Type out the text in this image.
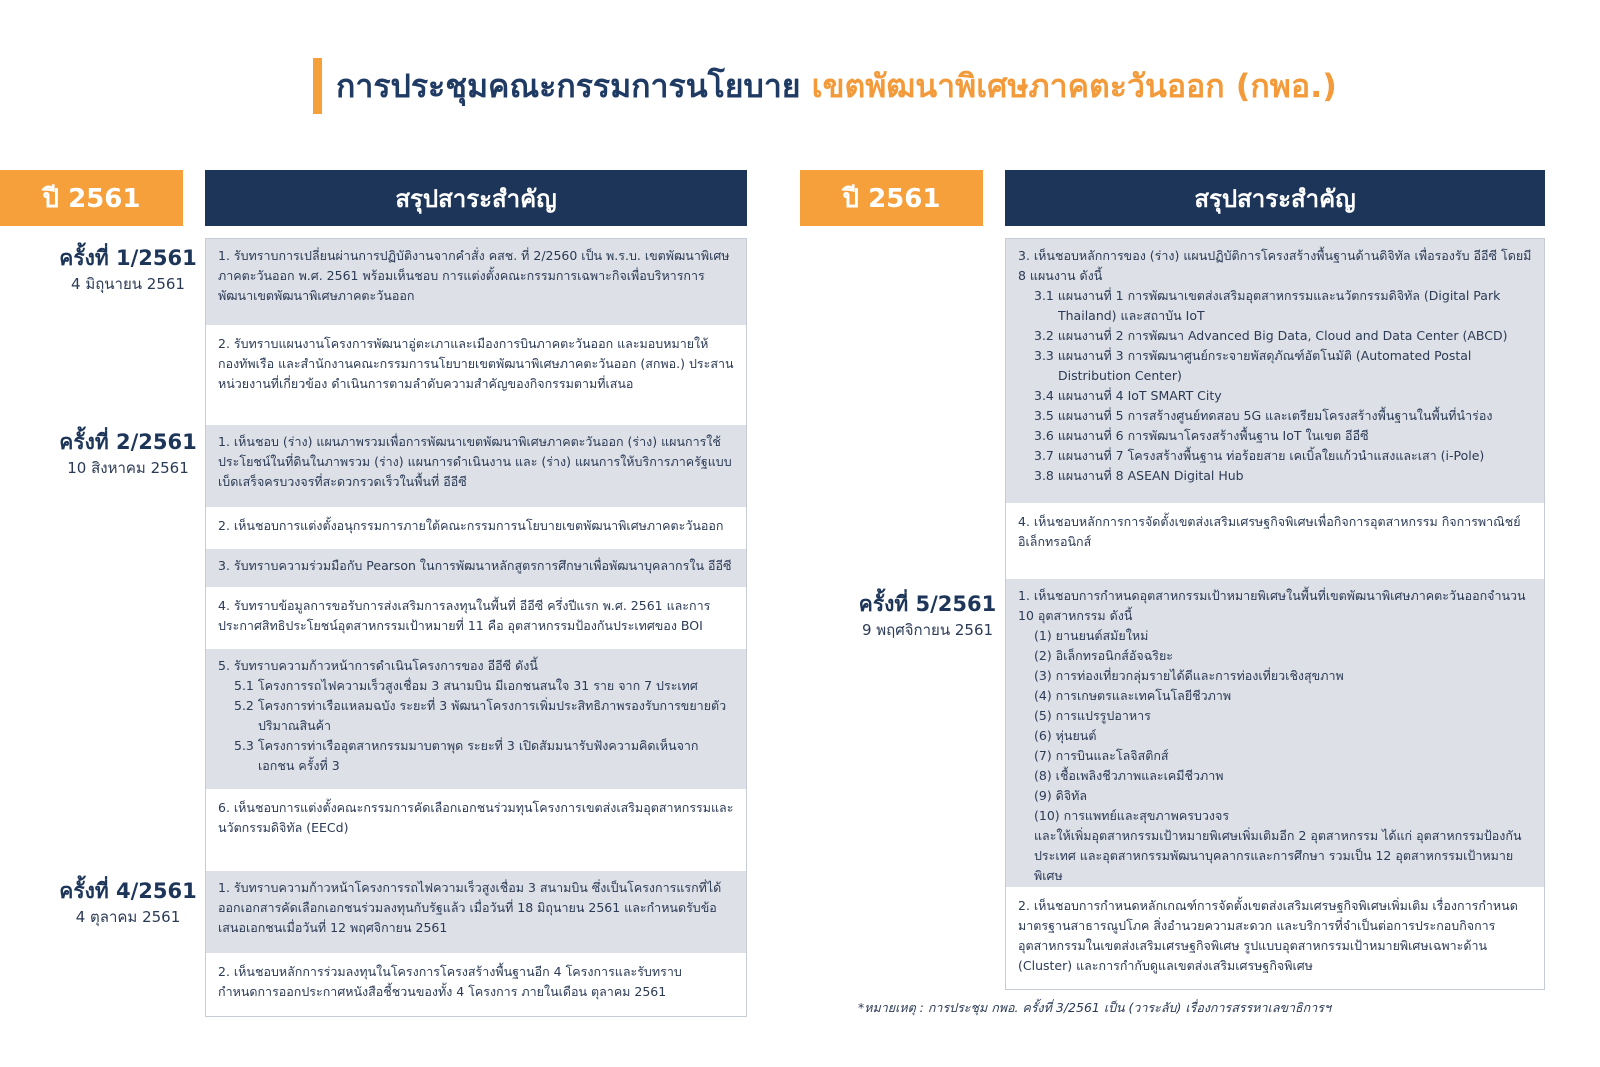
การประชุมคณะกรรมการนโยบาย เขตพัฒนาพิเศษภาคตะวันออก (กพอ.)
ปี 2561	สรุปสาระสำคัญ
ครั้งที่ 1/2561
4 มิถุนายน 2561
ครั้งที่ 2/2561
10 สิงหาคม 2561
ครั้งที่ 4/2561
4 ตุลาคม 2561

1. รับทราบการเปลี่ยนผ่านการปฏิบัติงานจากคำสั่ง คสช. ที่ 2/2560 เป็น พ.ร.บ. เขตพัฒนาพิเศษภาคตะวันออก พ.ศ. 2561 พร้อมเห็นชอบ การแต่งตั้งคณะกรรมการเฉพาะกิจเพื่อบริหารการพัฒนาเขตพัฒนาพิเศษภาคตะวันออก

2. รับทราบแผนงานโครงการพัฒนาอู่ตะเภาและเมืองการบินภาคตะวันออก และมอบหมายให้กองทัพเรือ และสำนักงานคณะกรรมการนโยบายเขตพัฒนาพิเศษภาคตะวันออก (สกพอ.) ประสานหน่วยงานที่เกี่ยวข้อง ดำเนินการตามลำดับความสำคัญของกิจกรรมตามที่เสนอ

1. เห็นชอบ (ร่าง) แผนภาพรวมเพื่อการพัฒนาเขตพัฒนาพิเศษภาคตะวันออก (ร่าง) แผนการใช้ประโยชน์ในที่ดินในภาพรวม (ร่าง) แผนการดำเนินงาน และ (ร่าง) แผนการให้บริการภาครัฐแบบเบ็ดเสร็จครบวงจรที่สะดวกรวดเร็วในพื้นที่ อีอีซี

2. เห็นชอบการแต่งตั้งอนุกรรมการภายใต้คณะกรรมการนโยบายเขตพัฒนาพิเศษภาคตะวันออก

3. รับทราบความร่วมมือกับ Pearson ในการพัฒนาหลักสูตรการศึกษาเพื่อพัฒนาบุคลากรใน อีอีซี

4. รับทราบข้อมูลการขอรับการส่งเสริมการลงทุนในพื้นที่ อีอีซี ครึ่งปีแรก พ.ศ. 2561 และการประกาศสิทธิประโยชน์อุตสาหกรรมเป้าหมายที่ 11 คือ อุตสาหกรรมป้องกันประเทศของ BOI

5. รับทราบความก้าวหน้าการดำเนินโครงการของ อีอีซี ดังนี้

5.1 โครงการรถไฟความเร็วสูงเชื่อม 3 สนามบิน มีเอกชนสนใจ 31 ราย จาก 7 ประเทศ

5.2 โครงการท่าเรือแหลมฉบัง ระยะที่ 3 พัฒนาโครงการเพิ่มประสิทธิภาพรองรับการขยายตัวปริมาณสินค้า

5.3 โครงการท่าเรืออุตสาหกรรมมาบตาพุด ระยะที่ 3 เปิดสัมมนารับฟังความคิดเห็นจากเอกชน ครั้งที่ 3

6. เห็นชอบการแต่งตั้งคณะกรรมการคัดเลือกเอกชนร่วมทุนโครงการเขตส่งเสริมอุตสาหกรรมและนวัตกรรมดิจิทัล (EECd)

1. รับทราบความก้าวหน้าโครงการรถไฟความเร็วสูงเชื่อม 3 สนามบิน ซึ่งเป็นโครงการแรกที่ได้ออกเอกสารคัดเลือกเอกชนร่วมลงทุนกับรัฐแล้ว เมื่อวันที่ 18 มิถุนายน 2561 และกำหนดรับข้อเสนอเอกชนเมื่อวันที่ 12 พฤศจิกายน 2561

2. เห็นชอบหลักการร่วมลงทุนในโครงการโครงสร้างพื้นฐานอีก 4 โครงการและรับทราบกำหนดการออกประกาศหนังสือชี้ชวนของทั้ง 4 โครงการ ภายในเดือน ตุลาคม 2561

ปี 2561	สรุปสาระสำคัญ
ครั้งที่ 5/2561
9 พฤศจิกายน 2561

3. เห็นชอบหลักการของ (ร่าง) แผนปฏิบัติการโครงสร้างพื้นฐานด้านดิจิทัล เพื่อรองรับ อีอีซี โดยมี 8 แผนงาน ดังนี้

3.1 แผนงานที่ 1 การพัฒนาเขตส่งเสริมอุตสาหกรรมและนวัตกรรมดิจิทัล (Digital Park Thailand) และสถาบัน IoT

3.2 แผนงานที่ 2 การพัฒนา Advanced Big Data, Cloud and Data Center (ABCD)

3.3 แผนงานที่ 3 การพัฒนาศูนย์กระจายพัสดุภัณฑ์อัตโนมัติ (Automated Postal Distribution Center)

3.4 แผนงานที่ 4 IoT SMART City

3.5 แผนงานที่ 5 การสร้างศูนย์ทดสอบ 5G และเตรียมโครงสร้างพื้นฐานในพื้นที่นำร่อง

3.6 แผนงานที่ 6 การพัฒนาโครงสร้างพื้นฐาน IoT ในเขต อีอีซี

3.7 แผนงานที่ 7 โครงสร้างพื้นฐาน ท่อร้อยสาย เคเบิ้ลใยแก้วนำแสงและเสา (i-Pole)

3.8 แผนงานที่ 8 ASEAN Digital Hub

4. เห็นชอบหลักการการจัดตั้งเขตส่งเสริมเศรษฐกิจพิเศษเพื่อกิจการอุตสาหกรรม กิจการพาณิชย์อิเล็กทรอนิกส์

1. เห็นชอบการกำหนดอุตสาหกรรมเป้าหมายพิเศษในพื้นที่เขตพัฒนาพิเศษภาคตะวันออกจำนวน 10 อุตสาหกรรม ดังนี้

(1) ยานยนต์สมัยใหม่

(2) อิเล็กทรอนิกส์อัจฉริยะ

(3) การท่องเที่ยวกลุ่มรายได้ดีและการท่องเที่ยวเชิงสุขภาพ

(4) การเกษตรและเทคโนโลยีชีวภาพ

(5) การแปรรูปอาหาร

(6) หุ่นยนต์

(7) การบินและโลจิสติกส์

(8) เชื้อเพลิงชีวภาพและเคมีชีวภาพ

(9) ดิจิทัล

(10) การแพทย์และสุขภาพครบวงจร

และให้เพิ่มอุตสาหกรรมเป้าหมายพิเศษเพิ่มเติมอีก 2 อุตสาหกรรม ได้แก่ อุตสาหกรรมป้องกันประเทศ และอุตสาหกรรมพัฒนาบุคลากรและการศึกษา รวมเป็น 12 อุตสาหกรรมเป้าหมายพิเศษ

2. เห็นชอบการกำหนดหลักเกณฑ์การจัดตั้งเขตส่งเสริมเศรษฐกิจพิเศษเพิ่มเติม เรื่องการกำหนดมาตรฐานสาธารณูปโภค สิ่งอำนวยความสะดวก และบริการที่จำเป็นต่อการประกอบกิจการอุตสาหกรรมในเขตส่งเสริมเศรษฐกิจพิเศษ รูปแบบอุตสาหกรรมเป้าหมายพิเศษเฉพาะด้าน (Cluster) และการกำกับดูแลเขตส่งเสริมเศรษฐกิจพิเศษ

*หมายเหตุ : การประชุม กพอ. ครั้งที่ 3/2561 เป็น (วาระลับ) เรื่องการสรรหาเลขาธิการฯ
